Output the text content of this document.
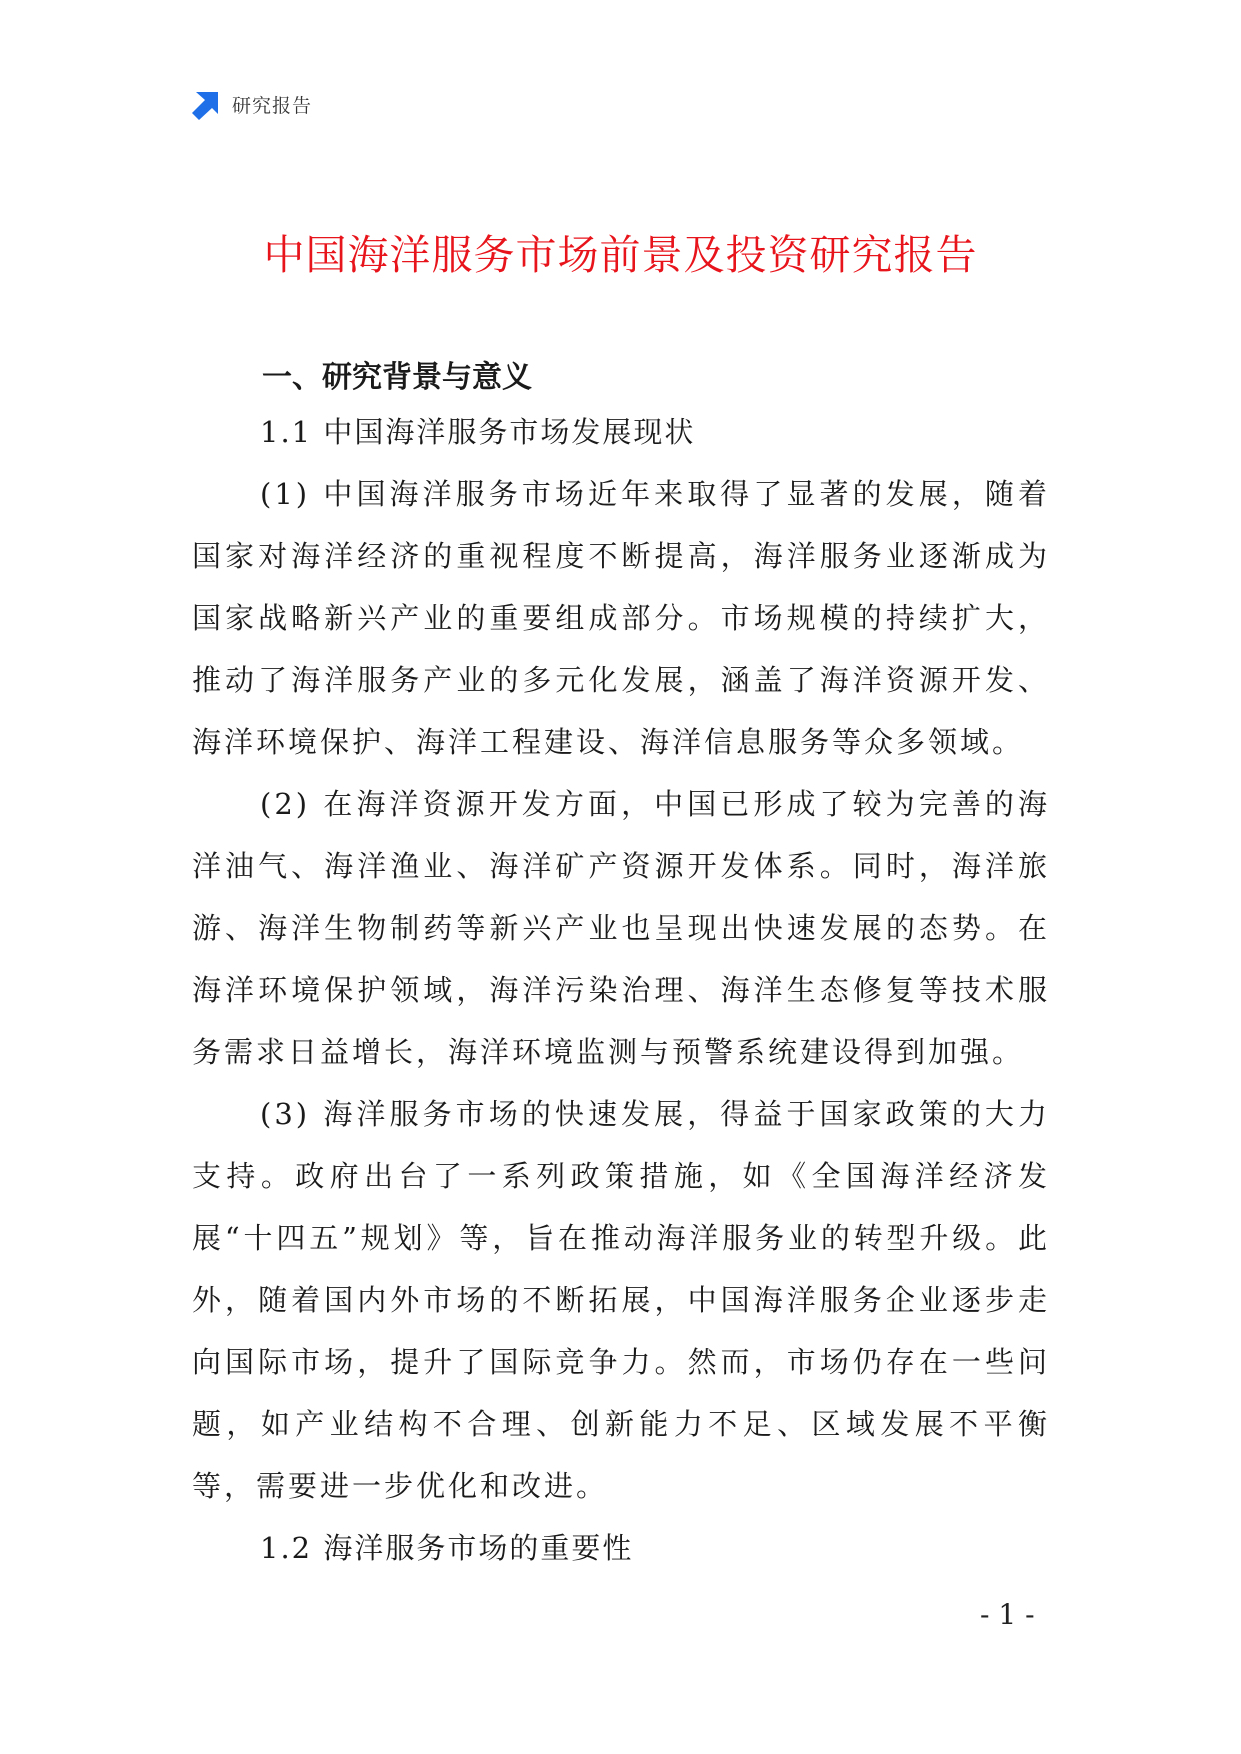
研究报告
中国海洋服务市场前景及投资研究报告
一、研究背景与意义
1.1 中国海洋服务市场发展现状

(1) 中国海洋服务市场近年来取得了显著的发展，随着国家对海洋经济的重视程度不断提高，海洋服务业逐渐成为国家战略新兴产业的重要组成部分。市场规模的持续扩大，推动了海洋服务产业的多元化发展，涵盖了海洋资源开发、海洋环境保护、海洋工程建设、海洋信息服务等众多领域。

(2) 在海洋资源开发方面，中国已形成了较为完善的海洋油气、海洋渔业、海洋矿产资源开发体系。同时，海洋旅游、海洋生物制药等新兴产业也呈现出快速发展的态势。在海洋环境保护领域，海洋污染治理、海洋生态修复等技术服务需求日益增长，海洋环境监测与预警系统建设得到加强。

(3) 海洋服务市场的快速发展，得益于国家政策的大力支持。政府出台了一系列政策措施，如《全国海洋经济发展“十四五”规划》等，旨在推动海洋服务业的转型升级。此外，随着国内外市场的不断拓展，中国海洋服务企业逐步走向国际市场，提升了国际竞争力。然而，市场仍存在一些问题，如产业结构不合理、创新能力不足、区域发展不平衡等，需要进一步优化和改进。

1.2 海洋服务市场的重要性
- 1 -
